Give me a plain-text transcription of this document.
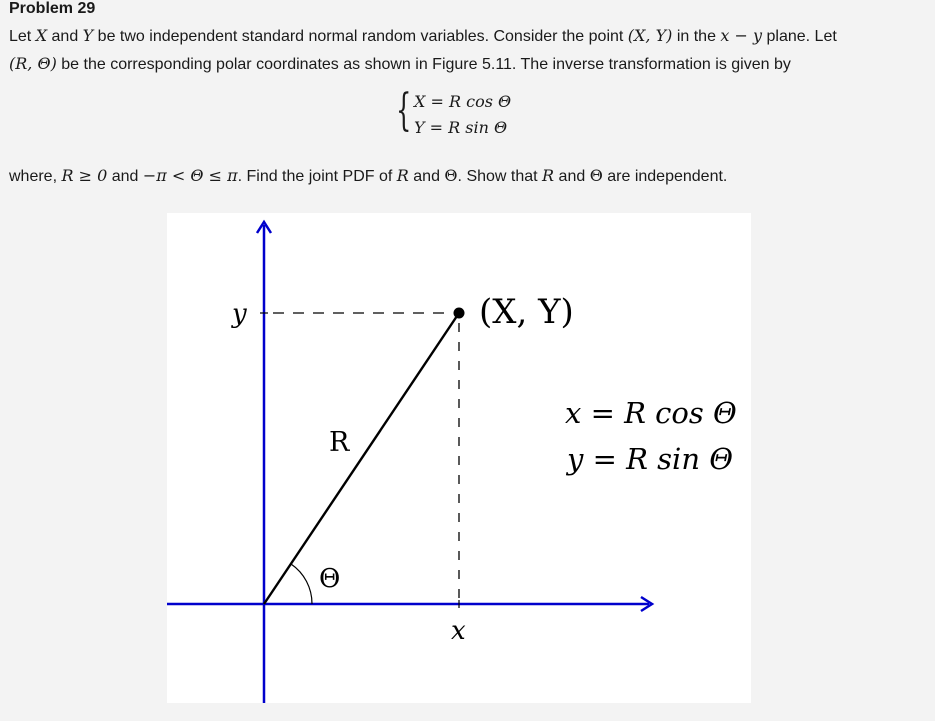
Problem 29
Let X and Y be two independent standard normal random variables. Consider the point (X, Y) in the x − y plane. Let
(R, Θ) be the corresponding polar coordinates as shown in Figure 5.11. The inverse transformation is given by
{ X = R cos Θ
Y = R sin Θ
where, R ≥ 0 and −π < Θ ≤ π. Find the joint PDF of R and Θ. Show that R and Θ are independent.
(X, Y)
y
x
R
Θ
x = R cos Θ
y = R sin Θ
